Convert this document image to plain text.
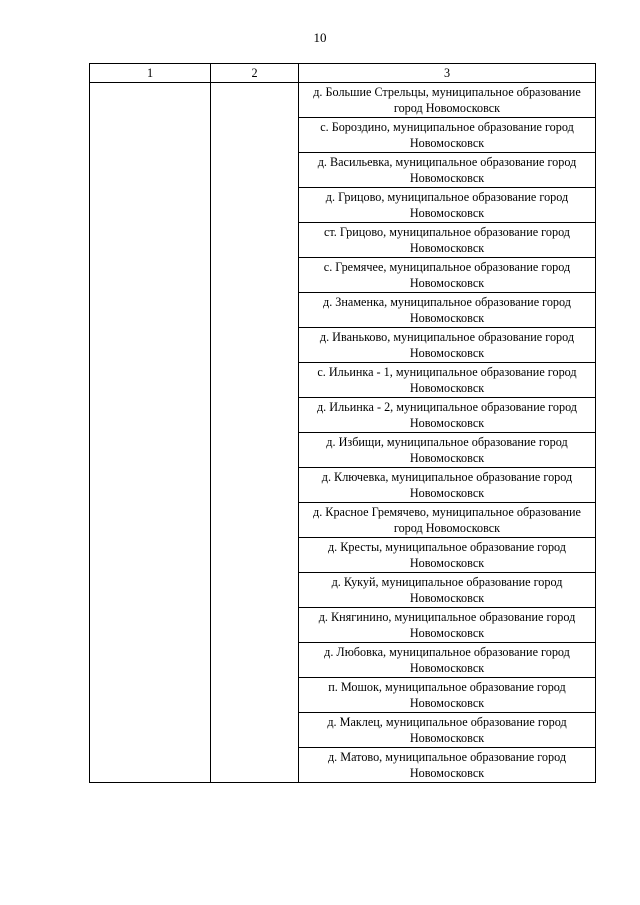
10
1	2	3
		д. Большие Стрельцы, муниципальное образование город Новомосковск
		с. Бороздино, муниципальное образование город Новомосковск
		д. Васильевка, муниципальное образование город Новомосковск
		д. Грицово, муниципальное образование город Новомосковск
		ст. Грицово, муниципальное образование город Новомосковск
		с. Гремячее, муниципальное образование город Новомосковск
		д. Знаменка, муниципальное образование город Новомосковск
		д. Иваньково, муниципальное образование город Новомосковск
		с. Ильинка - 1, муниципальное образование город Новомосковск
		д. Ильинка - 2, муниципальное образование город Новомосковск
		д. Избищи, муниципальное образование город Новомосковск
		д. Ключевка, муниципальное образование город Новомосковск
		д. Красное Гремячево, муниципальное образование город Новомосковск
		д. Кресты, муниципальное образование город Новомосковск
		д. Кукуй, муниципальное образование город Новомосковск
		д. Княгинино, муниципальное образование город Новомосковск
		д. Любовка, муниципальное образование город Новомосковск
		п. Мошок, муниципальное образование город Новомосковск
		д. Маклец, муниципальное образование город Новомосковск
		д. Матово, муниципальное образование город Новомосковск
